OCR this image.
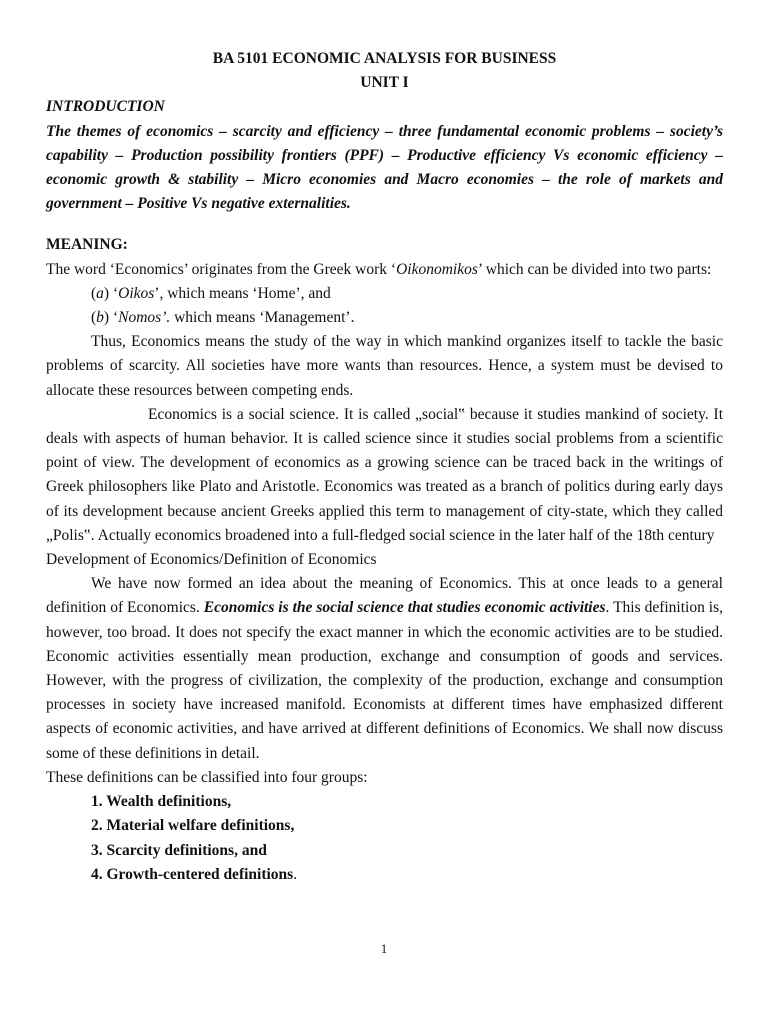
BA 5101 ECONOMIC ANALYSIS FOR BUSINESS

UNIT I

INTRODUCTION

The themes of economics – scarcity and efficiency – three fundamental economic problems – society’s capability – Production possibility frontiers (PPF) – Productive efficiency Vs economic efficiency – economic growth & stability – Micro economies and Macro economies – the role of markets and government – Positive Vs negative externalities.

MEANING:

The word ‘Economics’ originates from the Greek work ‘Oikonomikos’ which can be divided into two parts:

(a) ‘Oikos’, which means ‘Home’, and

(b) ‘Nomos’. which means ‘Management’.

Thus, Economics means the study of the way in which mankind organizes itself to tackle the basic problems of scarcity. All societies have more wants than resources. Hence, a system must be devised to allocate these resources between competing ends.

Economics is a social science. It is called „social‟ because it studies mankind of society. It deals with aspects of human behavior. It is called science since it studies social problems from a scientific point of view. The development of economics as a growing science can be traced back in the writings of Greek philosophers like Plato and Aristotle. Economics was treated as a branch of politics during early days of its development because ancient Greeks applied this term to management of city-state, which they called „Polis‟. Actually economics broadened into a full-fledged social science in the later half of the 18th century

Development of Economics/Definition of Economics

We have now formed an idea about the meaning of Economics. This at once leads to a general definition of Economics. Economics is the social science that studies economic activities. This definition is, however, too broad. It does not specify the exact manner in which the economic activities are to be studied. Economic activities essentially mean production, exchange and consumption of goods and services. However, with the progress of civilization, the complexity of the production, exchange and consumption processes in society have increased manifold. Economists at different times have emphasized different aspects of economic activities, and have arrived at different definitions of Economics. We shall now discuss some of these definitions in detail.

These definitions can be classified into four groups:

1. Wealth definitions,

2. Material welfare definitions,

3. Scarcity definitions, and

4. Growth-centered definitions.

1
